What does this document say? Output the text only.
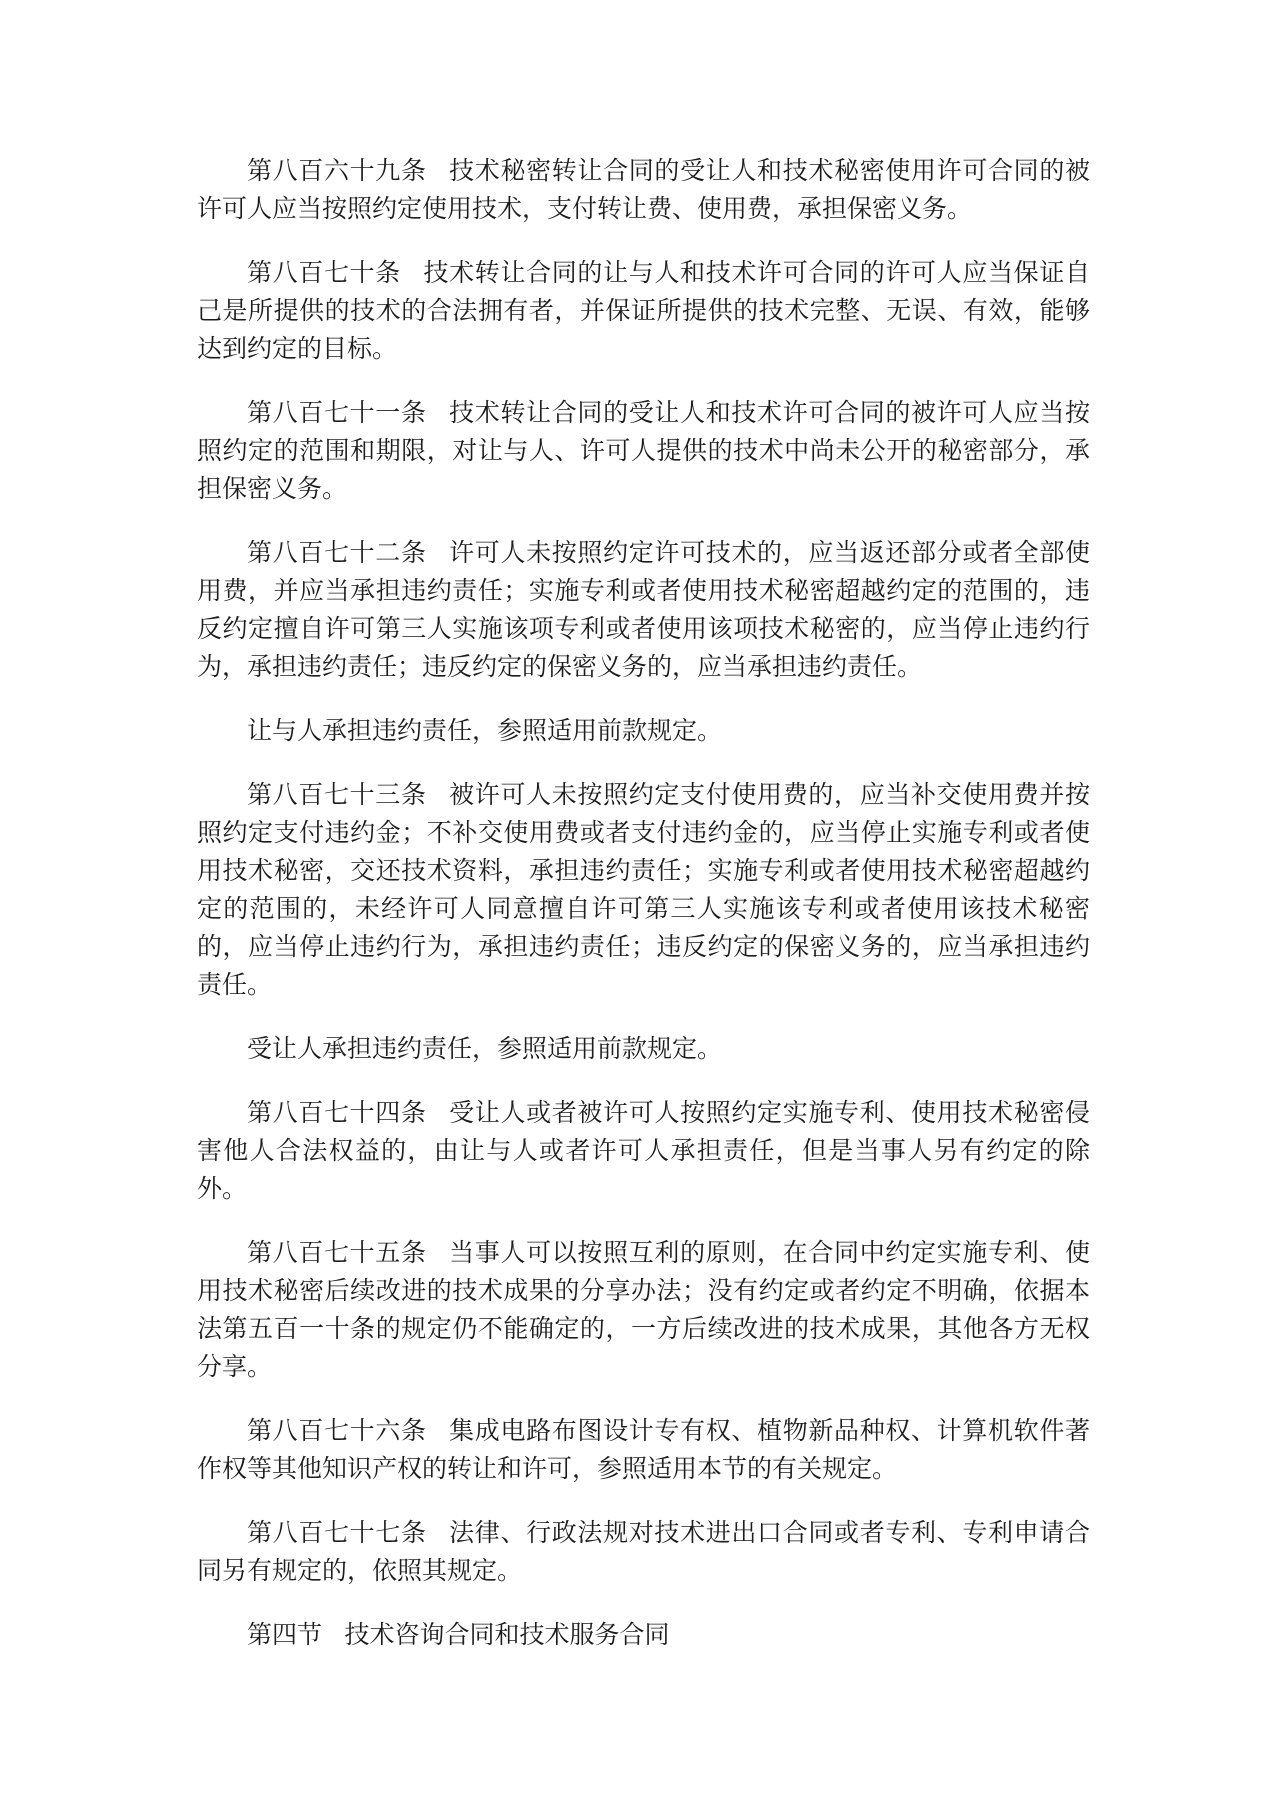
第八百六十九条 技术秘密转让合同的受让人和技术秘密使用许可合同的被许可人应当按照约定使用技术，支付转让费、使用费，承担保密义务。

第八百七十条 技术转让合同的让与人和技术许可合同的许可人应当保证自己是所提供的技术的合法拥有者，并保证所提供的技术完整、无误、有效，能够达到约定的目标。

第八百七十一条 技术转让合同的受让人和技术许可合同的被许可人应当按照约定的范围和期限，对让与人、许可人提供的技术中尚未公开的秘密部分，承担保密义务。

第八百七十二条 许可人未按照约定许可技术的，应当返还部分或者全部使用费，并应当承担违约责任；实施专利或者使用技术秘密超越约定的范围的，违反约定擅自许可第三人实施该项专利或者使用该项技术秘密的，应当停止违约行为，承担违约责任；违反约定的保密义务的，应当承担违约责任。

让与人承担违约责任，参照适用前款规定。

第八百七十三条 被许可人未按照约定支付使用费的，应当补交使用费并按照约定支付违约金；不补交使用费或者支付违约金的，应当停止实施专利或者使用技术秘密，交还技术资料，承担违约责任；实施专利或者使用技术秘密超越约定的范围的，未经许可人同意擅自许可第三人实施该专利或者使用该技术秘密的，应当停止违约行为，承担违约责任；违反约定的保密义务的，应当承担违约责任。

受让人承担违约责任，参照适用前款规定。

第八百七十四条 受让人或者被许可人按照约定实施专利、使用技术秘密侵害他人合法权益的，由让与人或者许可人承担责任，但是当事人另有约定的除外。

第八百七十五条 当事人可以按照互利的原则，在合同中约定实施专利、使用技术秘密后续改进的技术成果的分享办法；没有约定或者约定不明确，依据本法第五百一十条的规定仍不能确定的，一方后续改进的技术成果，其他各方无权分享。

第八百七十六条 集成电路布图设计专有权、植物新品种权、计算机软件著作权等其他知识产权的转让和许可，参照适用本节的有关规定。

第八百七十七条 法律、行政法规对技术进出口合同或者专利、专利申请合同另有规定的，依照其规定。

第四节 技术咨询合同和技术服务合同
